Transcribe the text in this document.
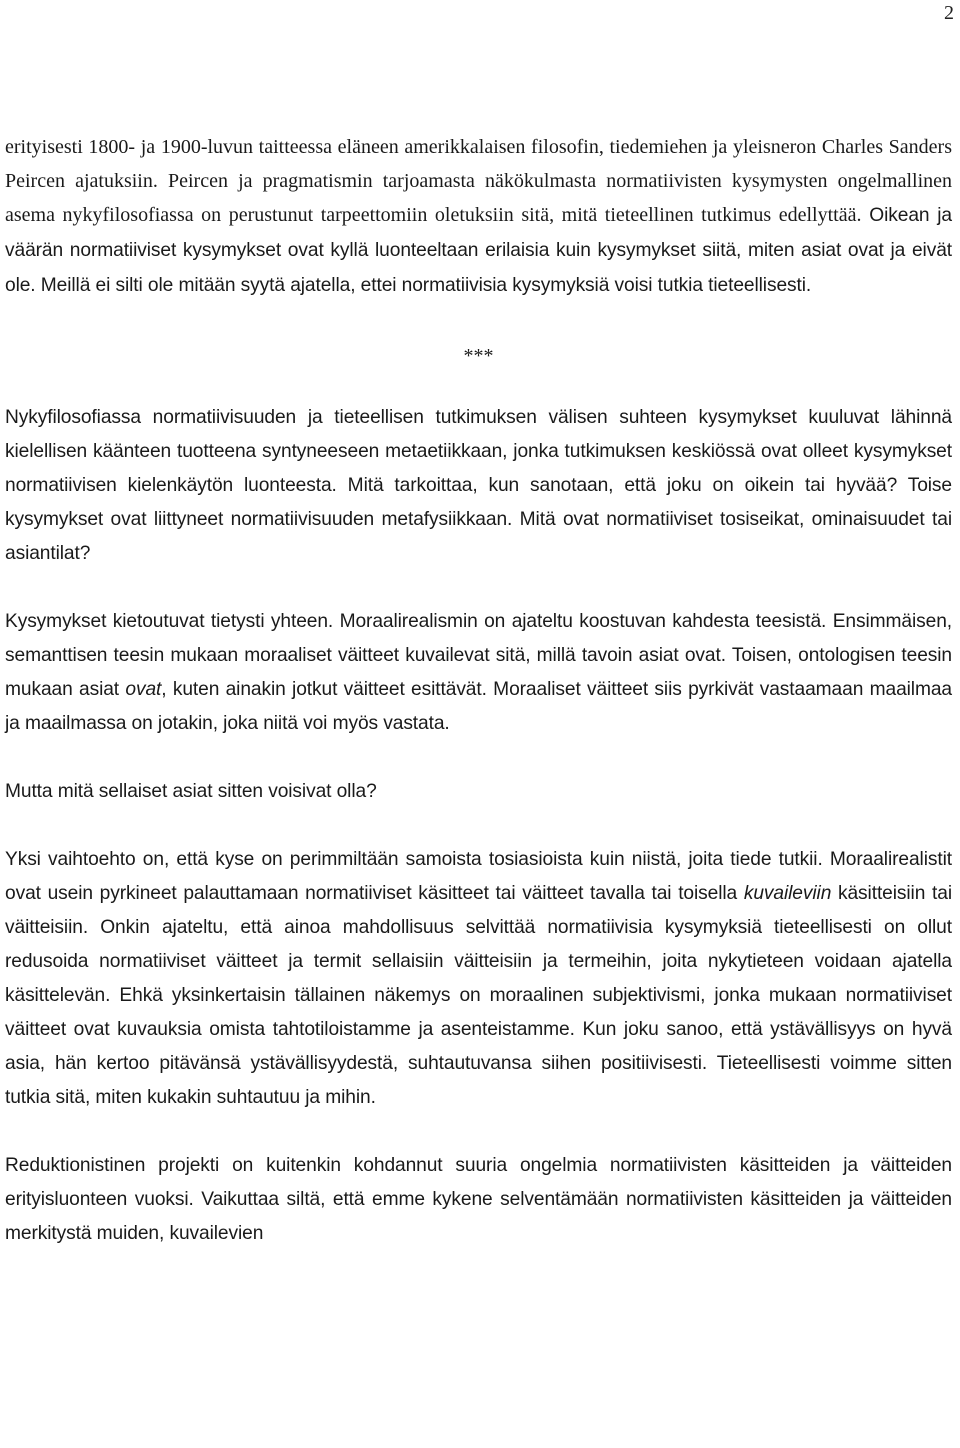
2

erityisesti 1800- ja 1900-luvun taitteessa eläneen amerikkalaisen filosofin, tiedemiehen ja yleisneron Charles Sanders Peircen ajatuksiin. Peircen ja pragmatismin tarjoamasta näkökulmasta normatiivisten kysymysten ongelmallinen asema nykyfilosofiassa on perustunut tarpeettomiin oletuksiin sitä, mitä tieteellinen tutkimus edellyttää. Oikean ja väärän normatiiviset kysymykset ovat kyllä luonteeltaan erilaisia kuin kysymykset siitä, miten asiat ovat ja eivät ole. Meillä ei silti ole mitään syytä ajatella, ettei normatiivisia kysymyksiä voisi tutkia tieteellisesti.

***

Nykyfilosofiassa normatiivisuuden ja tieteellisen tutkimuksen välisen suhteen kysymykset kuuluvat lähinnä kielellisen käänteen tuotteena syntyneeseen metaetiikkaan, jonka tutkimuksen keskiössä ovat olleet kysymykset normatiivisen kielenkäytön luonteesta. Mitä tarkoittaa, kun sanotaan, että joku on oikein tai hyvää? Toise kysymykset ovat liittyneet normatiivisuuden metafysiikkaan. Mitä ovat normatiiviset tosiseikat, ominaisuudet tai asiantilat?

Kysymykset kietoutuvat tietysti yhteen. Moraalirealismin on ajateltu koostuvan kahdesta teesistä. Ensimmäisen, semanttisen teesin mukaan moraaliset väitteet kuvailevat sitä, millä tavoin asiat ovat. Toisen, ontologisen teesin mukaan asiat ovat, kuten ainakin jotkut väitteet esittävät. Moraaliset väitteet siis pyrkivät vastaamaan maailmaa ja maailmassa on jotakin, joka niitä voi myös vastata.

Mutta mitä sellaiset asiat sitten voisivat olla?

Yksi vaihtoehto on, että kyse on perimmiltään samoista tosiasioista kuin niistä, joita tiede tutkii. Moraalirealistit ovat usein pyrkineet palauttamaan normatiiviset käsitteet tai väitteet tavalla tai toisella kuvaileviin käsitteisiin tai väitteisiin. Onkin ajateltu, että ainoa mahdollisuus selvittää normatiivisia kysymyksiä tieteellisesti on ollut redusoida normatiiviset väitteet ja termit sellaisiin väitteisiin ja termeihin, joita nykytieteen voidaan ajatella käsittelevän. Ehkä yksinkertaisin tällainen näkemys on moraalinen subjektivismi, jonka mukaan normatiiviset väitteet ovat kuvauksia omista tahtotiloistamme ja asenteistamme. Kun joku sanoo, että ystävällisyys on hyvä asia, hän kertoo pitävänsä ystävällisyydestä, suhtautuvansa siihen positiivisesti. Tieteellisesti voimme sitten tutkia sitä, miten kukakin suhtautuu ja mihin.

Reduktionistinen projekti on kuitenkin kohdannut suuria ongelmia normatiivisten käsitteiden ja väitteiden erityisluonteen vuoksi. Vaikuttaa siltä, että emme kykene selventämään normatiivisten käsitteiden ja väitteiden merkitystä muiden, kuvailevien
